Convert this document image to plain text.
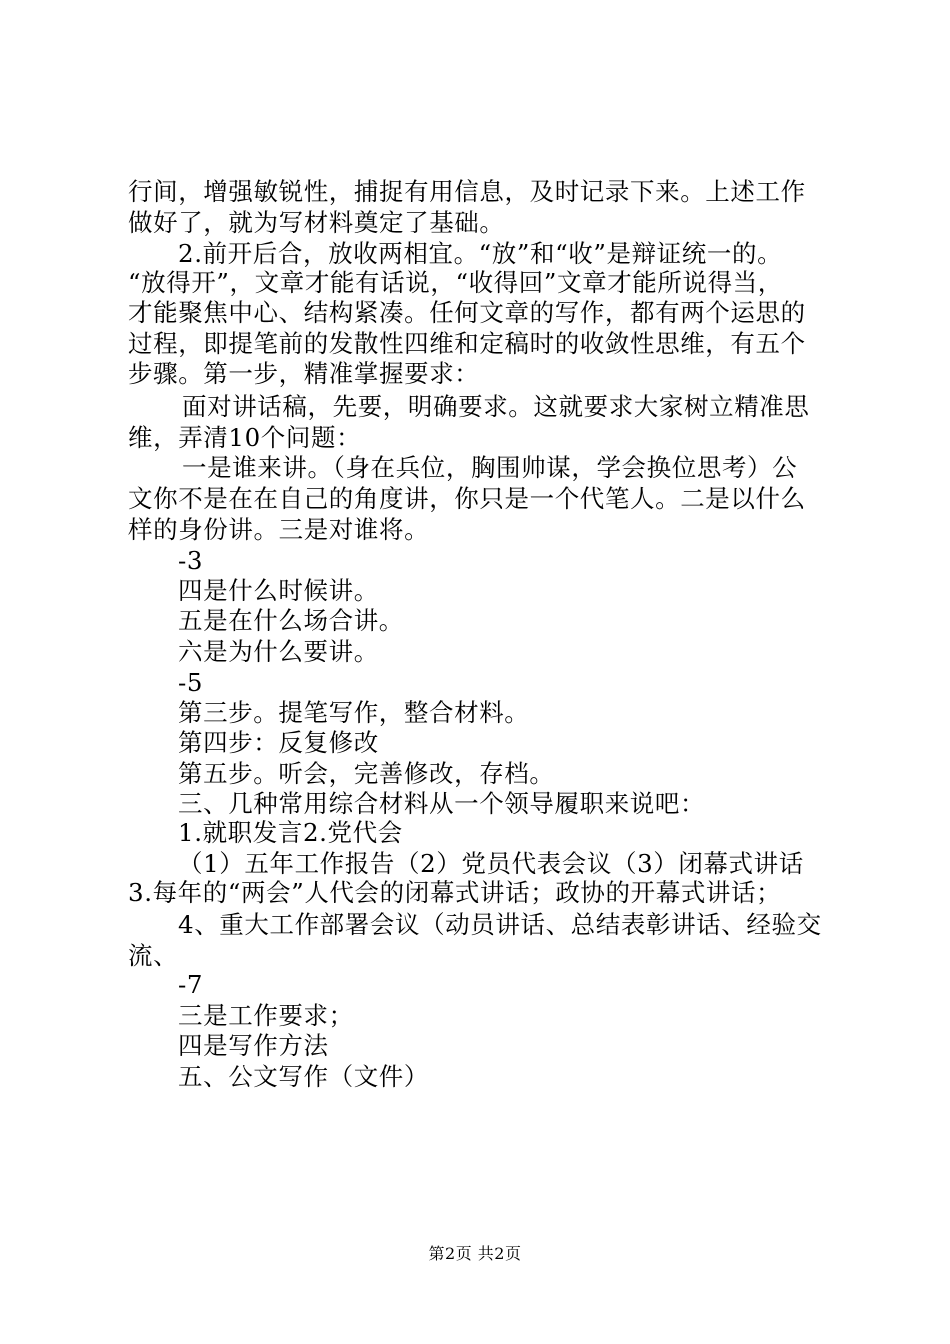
行间，增强敏锐性，捕捉有用信息，及时记录下来。上述工作
做好了，就为写材料奠定了基础。
2.前开后合，放收两相宜。“放”和“收”是辩证统一的。
“放得开”，文章才能有话说，“收得回”文章才能所说得当，
才能聚焦中心、结构紧凑。任何文章的写作，都有两个运思的
过程，即提笔前的发散性四维和定稿时的收敛性思维，有五个
步骤。第一步，精准掌握要求：
面对讲话稿，先要，明确要求。这就要求大家树立精准思
维，弄清10个问题：
一是谁来讲。（身在兵位，胸围帅谋，学会换位思考）公
文你不是在在自己的角度讲，你只是一个代笔人。二是以什么
样的身份讲。三是对谁将。
-3
四是什么时候讲。
五是在什么场合讲。
六是为什么要讲。
-5
第三步。提笔写作，整合材料。
第四步：反复修改
第五步。听会，完善修改，存档。
三、几种常用综合材料从一个领导履职来说吧：
1.就职发言2.党代会
（1）五年工作报告（2）党员代表会议（3）闭幕式讲话
3.每年的“两会”人代会的闭幕式讲话；政协的开幕式讲话；
4、重大工作部署会议（动员讲话、总结表彰讲话、经验交
流、
-7
三是工作要求；
四是写作方法
五、公文写作（文件）
第2页 共2页
